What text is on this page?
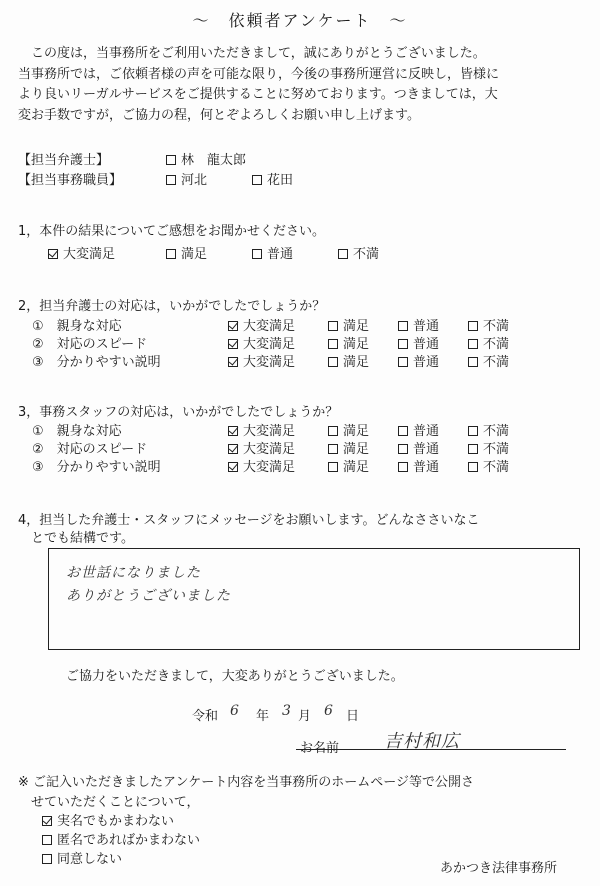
～　依頼者アンケート　～
　この度は，当事務所をご利用いただきまして，誠にありがとうございました。
当事務所では，ご依頼者様の声を可能な限り，今後の事務所運営に反映し，皆様に
より良いリーガルサービスをご提供することに努めております。つきましては，大
変お手数ですが，ご協力の程，何とぞよろしくお願い申し上げます。
【担当弁護士】	林　龍太郎
【担当事務職員】	河北	花田
1，本件の結果についてご感想をお聞かせください。
大変満足	満足	普通	不満
2，担当弁護士の対応は，いかがでしたでしょうか？
①　親身な対応	大変満足	満足	普通	不満
②　対応のスピード	大変満足	満足	普通	不満
③　分かりやすい説明	大変満足	満足	普通	不満
3，事務スタッフの対応は，いかがでしたでしょうか？
①　親身な対応	大変満足	満足	普通	不満
②　対応のスピード	大変満足	満足	普通	不満
③　分かりやすい説明	大変満足	満足	普通	不満
4，担当した弁護士・スタッフにメッセージをお願いします。どんなささいなこ
　とでも結構です。
お世話になりました
ありがとうございました
ご協力をいただきまして，大変ありがとうございました。
令和 6 年 3 月 6 日
お名前 吉村和広
※ ご記入いただきましたアンケート内容を当事務所のホームページ等で公開さ
　せていただくことについて，
実名でもかまわない
匿名であればかまわない
同意しない
あかつき法律事務所
